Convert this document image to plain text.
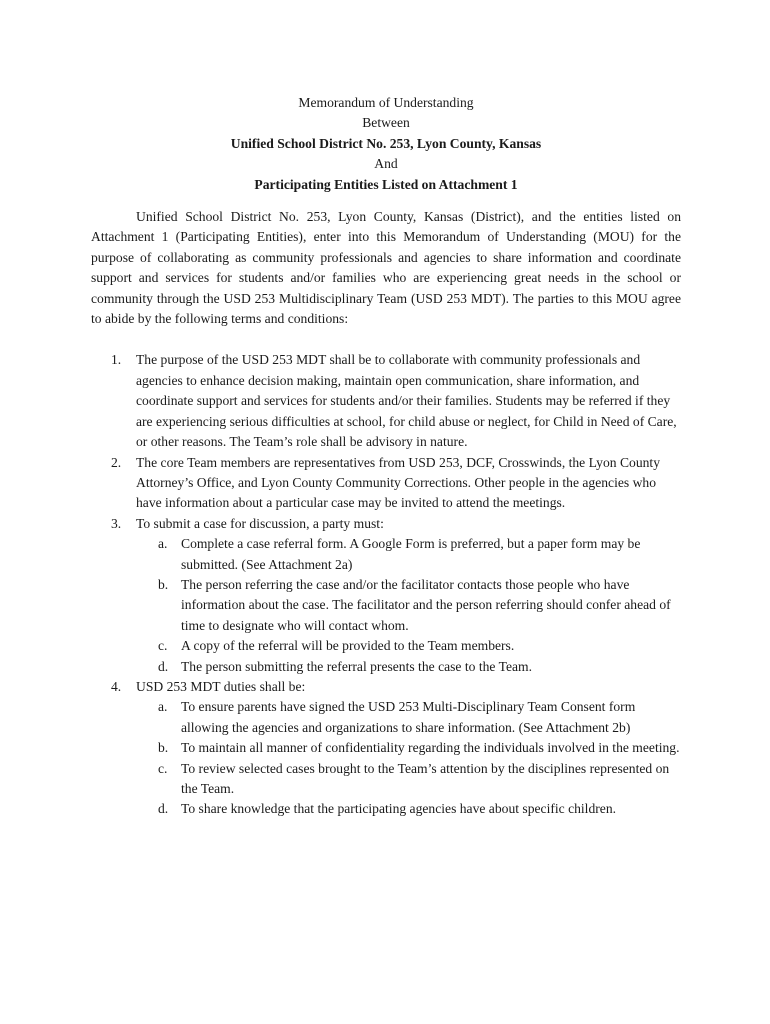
Memorandum of Understanding
Between
Unified School District No. 253, Lyon County, Kansas
And
Participating Entities Listed on Attachment 1

Unified School District No. 253, Lyon County, Kansas (District), and the entities listed on Attachment 1 (Participating Entities), enter into this Memorandum of Understanding (MOU) for the purpose of collaborating as community professionals and agencies to share information and coordinate support and services for students and/or families who are experiencing great needs in the school or community through the USD 253 Multidisciplinary Team (USD 253 MDT). The parties to this MOU agree to abide by the following terms and conditions:

1. The purpose of the USD 253 MDT shall be to collaborate with community professionals and agencies to enhance decision making, maintain open communication, share information, and coordinate support and services for students and/or their families. Students may be referred if they are experiencing serious difficulties at school, for child abuse or neglect, for Child in Need of Care, or other reasons. The Team’s role shall be advisory in nature.
2. The core Team members are representatives from USD 253, DCF, Crosswinds, the Lyon County Attorney’s Office, and Lyon County Community Corrections. Other people in the agencies who have information about a particular case may be invited to attend the meetings.
3. To submit a case for discussion, a party must:
a. Complete a case referral form. A Google Form is preferred, but a paper form may be submitted. (See Attachment 2a)
b. The person referring the case and/or the facilitator contacts those people who have information about the case. The facilitator and the person referring should confer ahead of time to designate who will contact whom.
c. A copy of the referral will be provided to the Team members.
d. The person submitting the referral presents the case to the Team.
4. USD 253 MDT duties shall be:
a. To ensure parents have signed the USD 253 Multi-Disciplinary Team Consent form allowing the agencies and organizations to share information. (See Attachment 2b)
b. To maintain all manner of confidentiality regarding the individuals involved in the meeting.
c. To review selected cases brought to the Team’s attention by the disciplines represented on the Team.
d. To share knowledge that the participating agencies have about specific children.
